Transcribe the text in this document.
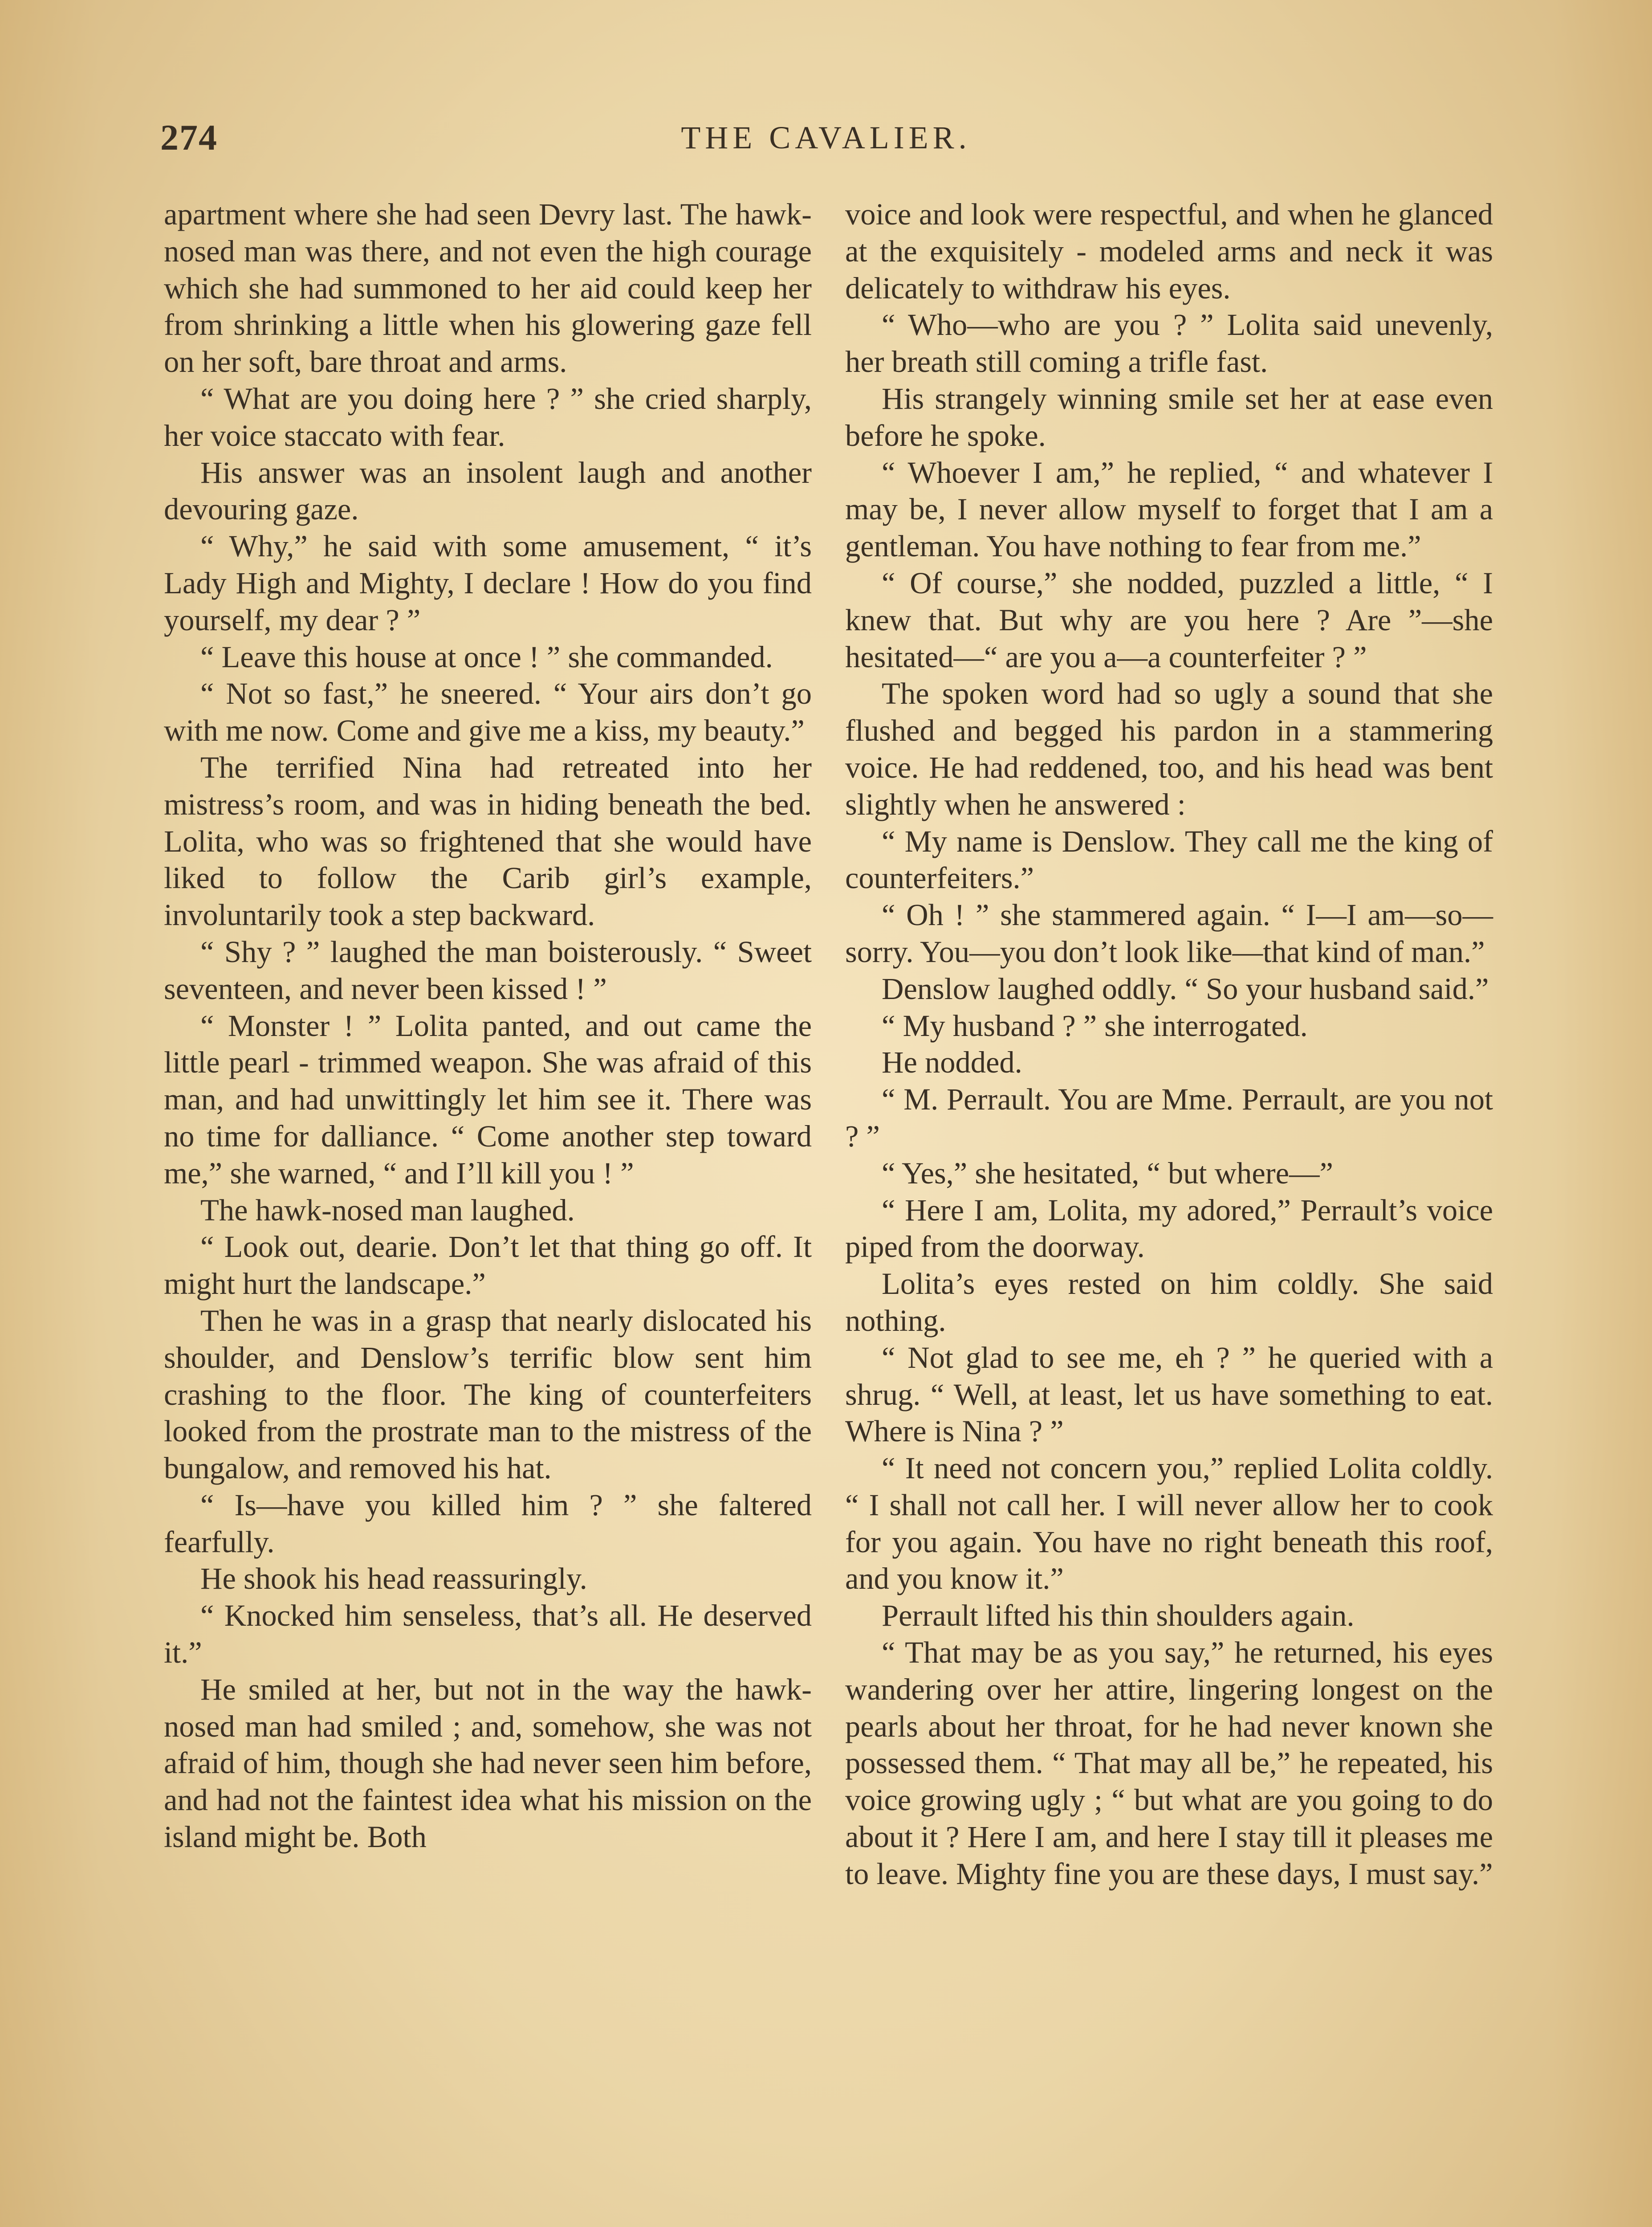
274	THE CAVALIER.

apartment where she had seen Devry last. The hawk-nosed man was there, and not even the high courage which she had summoned to her aid could keep her from shrinking a little when his glowering gaze fell on her soft, bare throat and arms.

“ What are you doing here ? ” she cried sharply, her voice staccato with fear.

His answer was an insolent laugh and another devouring gaze.

“ Why,” he said with some amusement, “ it’s Lady High and Mighty, I declare ! How do you find yourself, my dear ? ”

“ Leave this house at once ! ” she commanded.

“ Not so fast,” he sneered. “ Your airs don’t go with me now. Come and give me a kiss, my beauty.”

The terrified Nina had retreated into her mistress’s room, and was in hiding beneath the bed. Lolita, who was so frightened that she would have liked to follow the Carib girl’s example, involuntarily took a step backward.

“ Shy ? ” laughed the man boisterously. “ Sweet seventeen, and never been kissed ! ”

“ Monster ! ” Lolita panted, and out came the little pearl - trimmed weapon. She was afraid of this man, and had unwittingly let him see it. There was no time for dalliance. “ Come another step toward me,” she warned, “ and I’ll kill you ! ”

The hawk-nosed man laughed.

“ Look out, dearie. Don’t let that thing go off. It might hurt the landscape.”

Then he was in a grasp that nearly dislocated his shoulder, and Denslow’s terrific blow sent him crashing to the floor. The king of counterfeiters looked from the prostrate man to the mistress of the bungalow, and removed his hat.

“ Is—have you killed him ? ” she faltered fearfully.

He shook his head reassuringly.

“ Knocked him senseless, that’s all. He deserved it.”

He smiled at her, but not in the way the hawk-nosed man had smiled ; and, somehow, she was not afraid of him, though she had never seen him before, and had not the faintest idea what his mission on the island might be. Both

voice and look were respectful, and when he glanced at the exquisitely - modeled arms and neck it was delicately to withdraw his eyes.

“ Who—who are you ? ” Lolita said unevenly, her breath still coming a trifle fast.

His strangely winning smile set her at ease even before he spoke.

“ Whoever I am,” he replied, “ and whatever I may be, I never allow myself to forget that I am a gentleman. You have nothing to fear from me.”

“ Of course,” she nodded, puzzled a little, “ I knew that. But why are you here ? Are ”—she hesitated—“ are you a—a counterfeiter ? ”

The spoken word had so ugly a sound that she flushed and begged his pardon in a stammering voice. He had reddened, too, and his head was bent slightly when he answered :

“ My name is Denslow. They call me the king of counterfeiters.”

“ Oh ! ” she stammered again. “ I—I am—so—sorry. You—you don’t look like—that kind of man.”

Denslow laughed oddly. “ So your husband said.”

“ My husband ? ” she interrogated.

He nodded.

“ M. Perrault. You are Mme. Perrault, are you not ? ”

“ Yes,” she hesitated, “ but where—”

“ Here I am, Lolita, my adored,” Perrault’s voice piped from the doorway.

Lolita’s eyes rested on him coldly. She said nothing.

“ Not glad to see me, eh ? ” he queried with a shrug. “ Well, at least, let us have something to eat. Where is Nina ? ”

“ It need not concern you,” replied Lolita coldly. “ I shall not call her. I will never allow her to cook for you again. You have no right beneath this roof, and you know it.”

Perrault lifted his thin shoulders again.

“ That may be as you say,” he returned, his eyes wandering over her attire, lingering longest on the pearls about her throat, for he had never known she possessed them. “ That may all be,” he repeated, his voice growing ugly ; “ but what are you going to do about it ? Here I am, and here I stay till it pleases me to leave. Mighty fine you are these days, I must say.”
